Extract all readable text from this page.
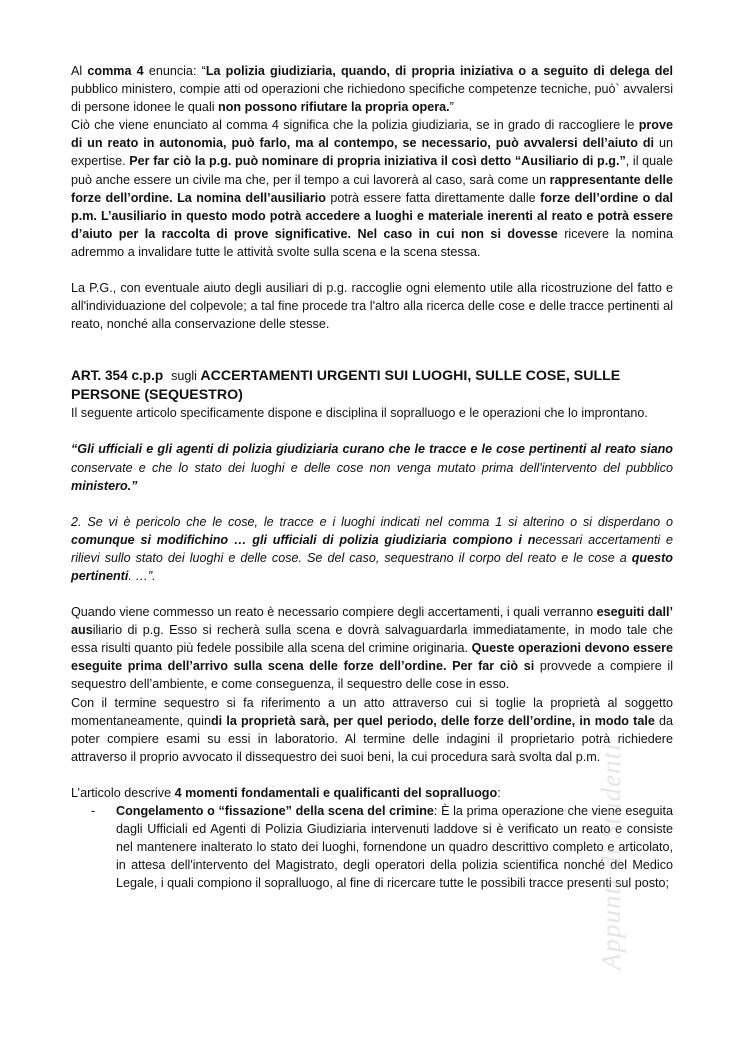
Al comma 4 enuncia: “La polizia giudiziaria, quando, di propria iniziativa o a seguito di delega del pubblico ministero, compie atti od operazioni che richiedono specifiche competenze tecniche, può` avvalersi di persone idonee le quali non possono rifiutare la propria opera.”

Ciò che viene enunciato al comma 4 significa che la polizia giudiziaria, se in grado di raccogliere le prove di un reato in autonomia, può farlo, ma al contempo, se necessario, può avvalersi dell’aiuto di un expertise. Per far ciò la p.g. può nominare di propria iniziativa il così detto “Ausiliario di p.g.”, il quale può anche essere un civile ma che, per il tempo a cui lavorerà al caso, sarà come un rappresentante delle forze dell’ordine. La nomina dell’ausiliario potrà essere fatta direttamente dalle forze dell’ordine o dal p.m. L’ausiliario in questo modo potrà accedere a luoghi e materiale inerenti al reato e potrà essere d’aiuto per la raccolta di prove significative. Nel caso in cui non si dovesse ricevere la nomina adremmo a invalidare tutte le attività svolte sulla scena e la scena stessa.

La P.G., con eventuale aiuto degli ausiliari di p.g. raccoglie ogni elemento utile alla ricostruzione del fatto e all'individuazione del colpevole; a tal fine procede tra l'altro alla ricerca delle cose e delle tracce pertinenti al reato, nonché alla conservazione delle stesse.

ART. 354 c.p.p sugli ACCERTAMENTI URGENTI SUI LUOGHI, SULLE COSE, SULLE PERSONE (SEQUESTRO)

Il seguente articolo specificamente dispone e disciplina il sopralluogo e le operazioni che lo improntano.

“Gli ufficiali e gli agenti di polizia giudiziaria curano che le tracce e le cose pertinenti al reato siano conservate e che lo stato dei luoghi e delle cose non venga mutato prima dell'intervento del pubblico ministero.”

2. Se vi è pericolo che le cose, le tracce e i luoghi indicati nel comma 1 si alterino o si disperdano o comunque si modifichino … gli ufficiali di polizia giudiziaria compiono i necessari accertamenti e rilievi sullo stato dei luoghi e delle cose. Se del caso, sequestrano il corpo del reato e le cose a questo pertinenti. …”.

Quando viene commesso un reato è necessario compiere degli accertamenti, i quali verranno eseguiti dall’ ausiliario di p.g. Esso si recherà sulla scena e dovrà salvaguardarla immediatamente, in modo tale che essa risulti quanto più fedele possibile alla scena del crimine originaria. Queste operazioni devono essere eseguite prima dell’arrivo sulla scena delle forze dell’ordine. Per far ciò si provvede a compiere il sequestro dell’ambiente, e come conseguenza, il sequestro delle cose in esso.

Con il termine sequestro si fa riferimento a un atto attraverso cui si toglie la proprietà al soggetto momentaneamente, quindi la proprietà sarà, per quel periodo, delle forze dell’ordine, in modo tale da poter compiere esami su essi in laboratorio. Al termine delle indagini il proprietario potrà richiedere attraverso il proprio avvocato il dissequestro dei suoi beni, la cui procedura sarà svolta dal p.m.

L’articolo descrive 4 momenti fondamentali e qualificanti del sopralluogo:

- Congelamento o “fissazione” della scena del crimine: È la prima operazione che viene eseguita dagli Ufficiali ed Agenti di Polizia Giudiziaria intervenuti laddove si è verificato un reato e consiste nel mantenere inalterato lo stato dei luoghi, fornendone un quadro descrittivo completo e articolato, in attesa dell'intervento del Magistrato, degli operatori della polizia scientifica nonché del Medico Legale, i quali compiono il sopralluogo, al fine di ricercare tutte le possibili tracce presenti sul posto;
Appunti di Studenti
